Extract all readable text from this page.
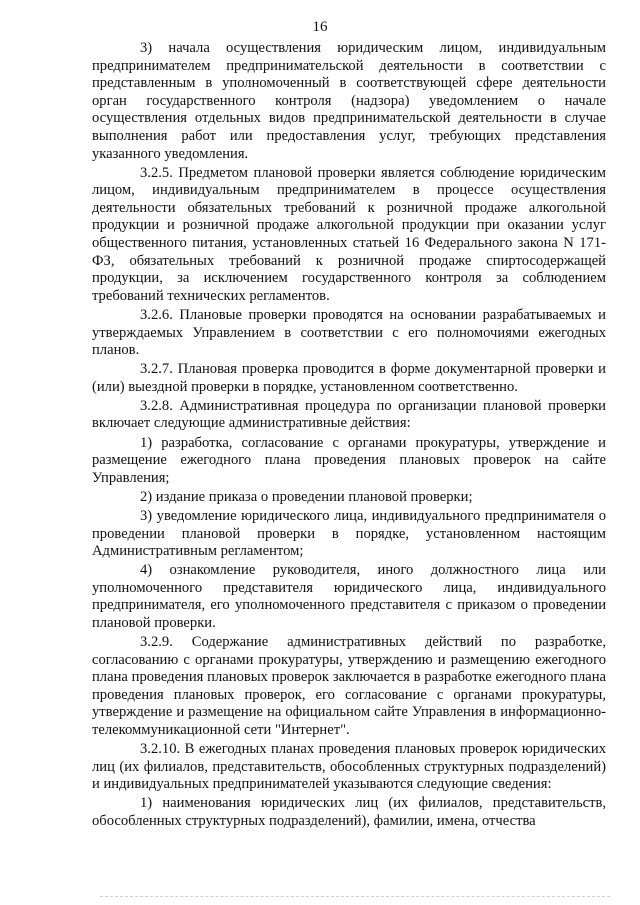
16

3) начала осуществления юридическим лицом, индивидуальным предпринимателем предпринимательской деятельности в соответствии с представленным в уполномоченный в соответствующей сфере деятельности орган государственного контроля (надзора) уведомлением о начале осуществления отдельных видов предпринимательской деятельности в случае выполнения работ или предоставления услуг, требующих представления указанного уведомления.

3.2.5. Предметом плановой проверки является соблюдение юридическим лицом, индивидуальным предпринимателем в процессе осуществления деятельности обязательных требований к розничной продаже алкогольной продукции и розничной продаже алкогольной продукции при оказании услуг общественного питания, установленных статьей 16 Федерального закона N 171-ФЗ, обязательных требований к розничной продаже спиртосодержащей продукции, за исключением государственного контроля за соблюдением требований технических регламентов.

3.2.6. Плановые проверки проводятся на основании разрабатываемых и утверждаемых Управлением в соответствии с его полномочиями ежегодных планов.

3.2.7. Плановая проверка проводится в форме документарной проверки и (или) выездной проверки в порядке, установленном соответственно.

3.2.8. Административная процедура по организации плановой проверки включает следующие административные действия:

1) разработка, согласование с органами прокуратуры, утверждение и размещение ежегодного плана проведения плановых проверок на сайте Управления;

2) издание приказа о проведении плановой проверки;

3) уведомление юридического лица, индивидуального предпринимателя о проведении плановой проверки в порядке, установленном настоящим Административным регламентом;

4) ознакомление руководителя, иного должностного лица или уполномоченного представителя юридического лица, индивидуального предпринимателя, его уполномоченного представителя с приказом о проведении плановой проверки.

3.2.9. Содержание административных действий по разработке, согласованию с органами прокуратуры, утверждению и размещению ежегодного плана проведения плановых проверок заключается в разработке ежегодного плана проведения плановых проверок, его согласование с органами прокуратуры, утверждение и размещение на официальном сайте Управления в информационно-телекоммуникационной сети "Интернет".

3.2.10. В ежегодных планах проведения плановых проверок юридических лиц (их филиалов, представительств, обособленных структурных подразделений) и индивидуальных предпринимателей указываются следующие сведения:

1) наименования юридических лиц (их филиалов, представительств, обособленных структурных подразделений), фамилии, имена, отчества
